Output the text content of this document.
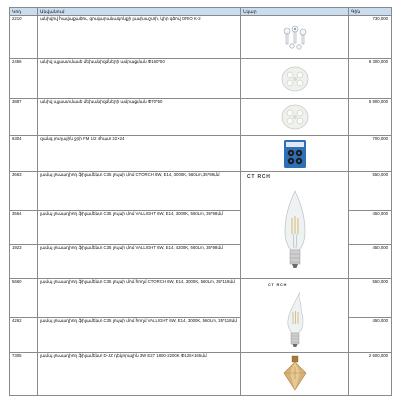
Կոդ	Անվանում	Նկար	Գին
2210	անիվով հավաքածու, զուգարանակոնքի լասխաշտի, կիր գծով ORIO K-2		730,000
2466	անիվ պլաստմասե մեխանիզմների ամրացման Փ160*50		8 300,000
3887	անիվ պլաստմասե մեխանիզմների ամրացման Փ70*50		5 900,000
6304	զանգ յուղային ջրի FM 1/2 4հատ 22×24		700,000
3663	լամպ լուսադիոդ ֆիլամենտ C35 լույսի մոմ CTORCH 6W, E14, 3000K, 560Lm,35*98մմ	CT RCH	550,000
3564	լամպ լուսադիոդ ֆիլամենտ C35 լույսի մոմ VALLIGHT 6W, E14, 3000K, 560Lm, 35*98մմ		450,000
1923	լամպ լուսադիոդ ֆիլամենտ C35 լույսի մոմ VALLIGHT 6W, E14, 4200K, 560Lm, 35*98մմ		450,000
5660	լամպ լուսադիոդ ֆիլամենտ C35 լույսի մոմ հողմ CTORCH 6W, E14, 3000K, 560Lm, 35*118մմ	CT RCH	550,000
4262	լամպ լուսադիոդ ֆիլամենտ C35 լույսի մոմ հողմ VALLIGHT 6W, E14, 3000K, 560Lm, 35*118մմ		450,000
7305	լամպ լուսադիոդ ֆիլամենտ D-JZ դեկորային 3W E27 1800-2200K Փ125×165մմ		2 600,000
